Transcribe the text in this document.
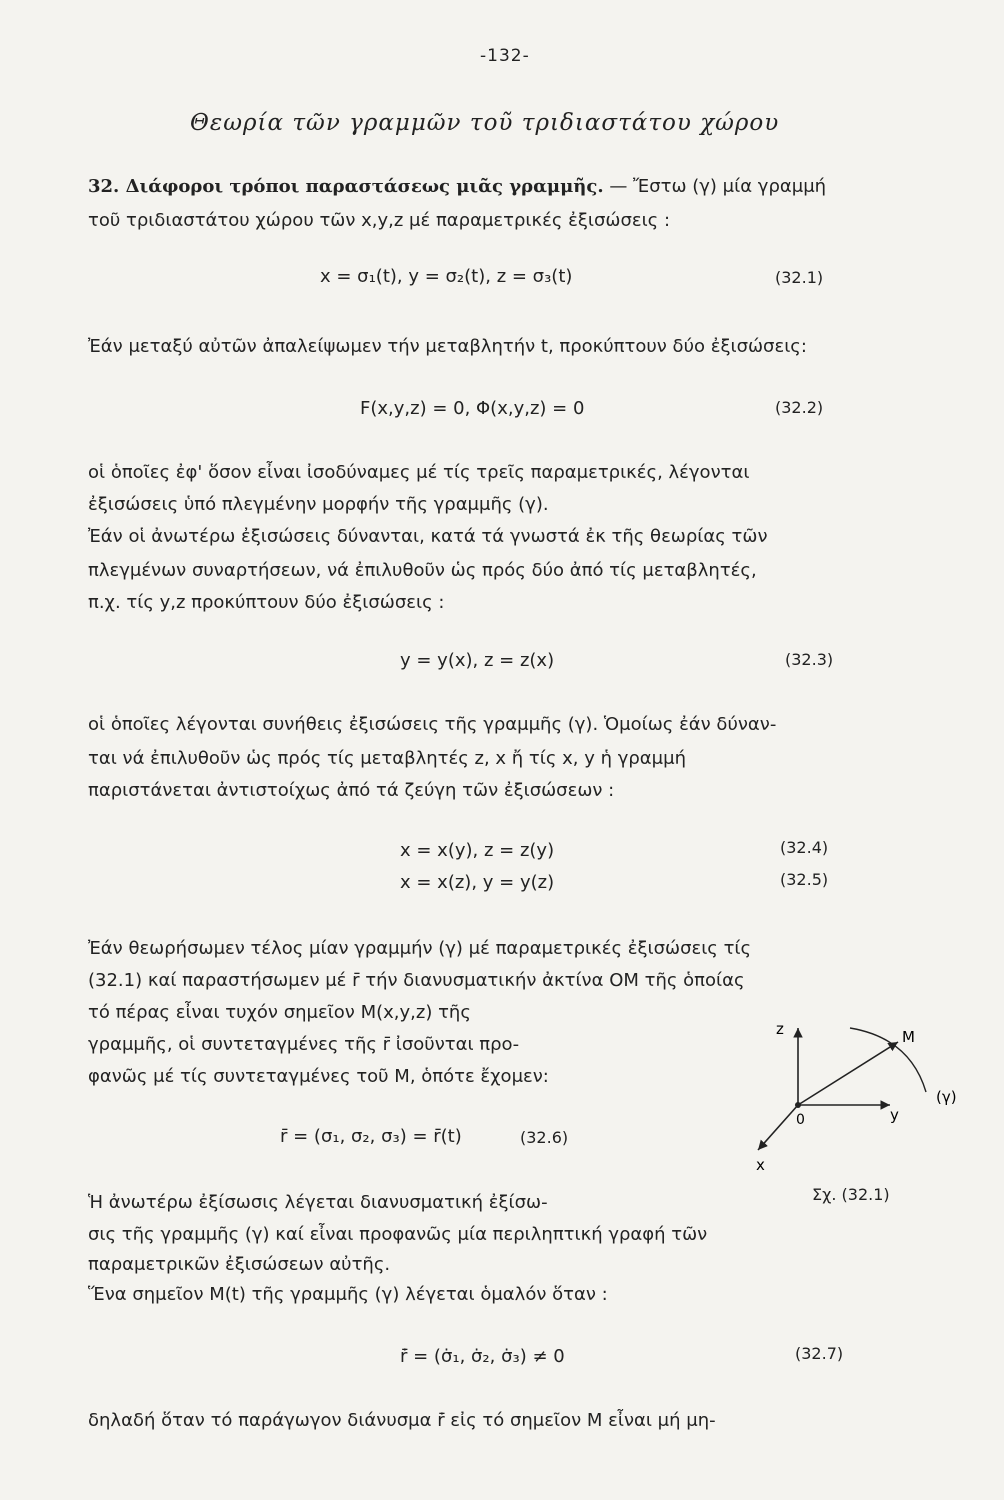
-132-
Θεωρία τῶν γραμμῶν τοῦ τριδιαστάτου χώρου
32. Διάφοροι τρόποι παραστάσεως μιᾶς γραμμῆς. — Ἔστω (γ) μία γραμμή
τοῦ τριδιαστάτου χώρου τῶν x,y,z μέ παραμετρικές ἐξισώσεις :
x = σ₁(t), y = σ₂(t), z = σ₃(t)	(32.1)
Ἐάν μεταξύ αὐτῶν ἀπαλείψωμεν τήν μεταβλητήν t, προκύπτουν δύο ἐξισώσεις:
F(x,y,z) = 0, Φ(x,y,z) = 0	(32.2)
οἱ ὁποῖες ἐφ' ὅσον εἶναι ἰσοδύναμες μέ τίς τρεῖς παραμετρικές, λέγονται
ἐξισώσεις ὑπό πλεγμένην μορφήν τῆς γραμμῆς (γ).
Ἐάν οἱ ἀνωτέρω ἐξισώσεις δύνανται, κατά τά γνωστά ἐκ τῆς θεωρίας τῶν
πλεγμένων συναρτήσεων, νά ἐπιλυθοῦν ὡς πρός δύο ἀπό τίς μεταβλητές,
π.χ. τίς y,z προκύπτουν δύο ἐξισώσεις :
y = y(x), z = z(x)	(32.3)
οἱ ὁποῖες λέγονται συνήθεις ἐξισώσεις τῆς γραμμῆς (γ). Ὁμοίως ἐάν δύναν-
ται νά ἐπιλυθοῦν ὡς πρός τίς μεταβλητές z, x ἤ τίς x, y ἡ γραμμή
παριστάνεται ἀντιστοίχως ἀπό τά ζεύγη τῶν ἐξισώσεων :
x = x(y), z = z(y)	(32.4)
x = x(z), y = y(z)	(32.5)
Ἐάν θεωρήσωμεν τέλος μίαν γραμμήν (γ) μέ παραμετρικές ἐξισώσεις τίς
(32.1) καί παραστήσωμεν μέ r̄ τήν διανυσματικήν ἀκτίνα OM τῆς ὁποίας
τό πέρας εἶναι τυχόν σημεῖον M(x,y,z) τῆς
γραμμῆς, οἱ συντεταγμένες τῆς r̄ ἰσοῦνται προ-
φανῶς μέ τίς συντεταγμένες τοῦ M, ὁπότε ἔχομεν:
r̄ = (σ₁, σ₂, σ₃) = r̄(t)	(32.6)
z
y
x
0
M
(γ)
Σχ. (32.1)
Ἡ ἀνωτέρω ἐξίσωσις λέγεται διανυσματική ἐξίσω-
σις τῆς γραμμῆς (γ) καί εἶναι προφανῶς μία περιληπτική γραφή τῶν
παραμετρικῶν ἐξισώσεων αὐτῆς.
Ἕνα σημεῖον M(t) τῆς γραμμῆς (γ) λέγεται ὁμαλόν ὅταν :
r̄̇ = (σ̇₁, σ̇₂, σ̇₃) ≠ 0	(32.7)
δηλαδή ὅταν τό παράγωγον διάνυσμα r̄̇ εἰς τό σημεῖον M εἶναι μή μη-
